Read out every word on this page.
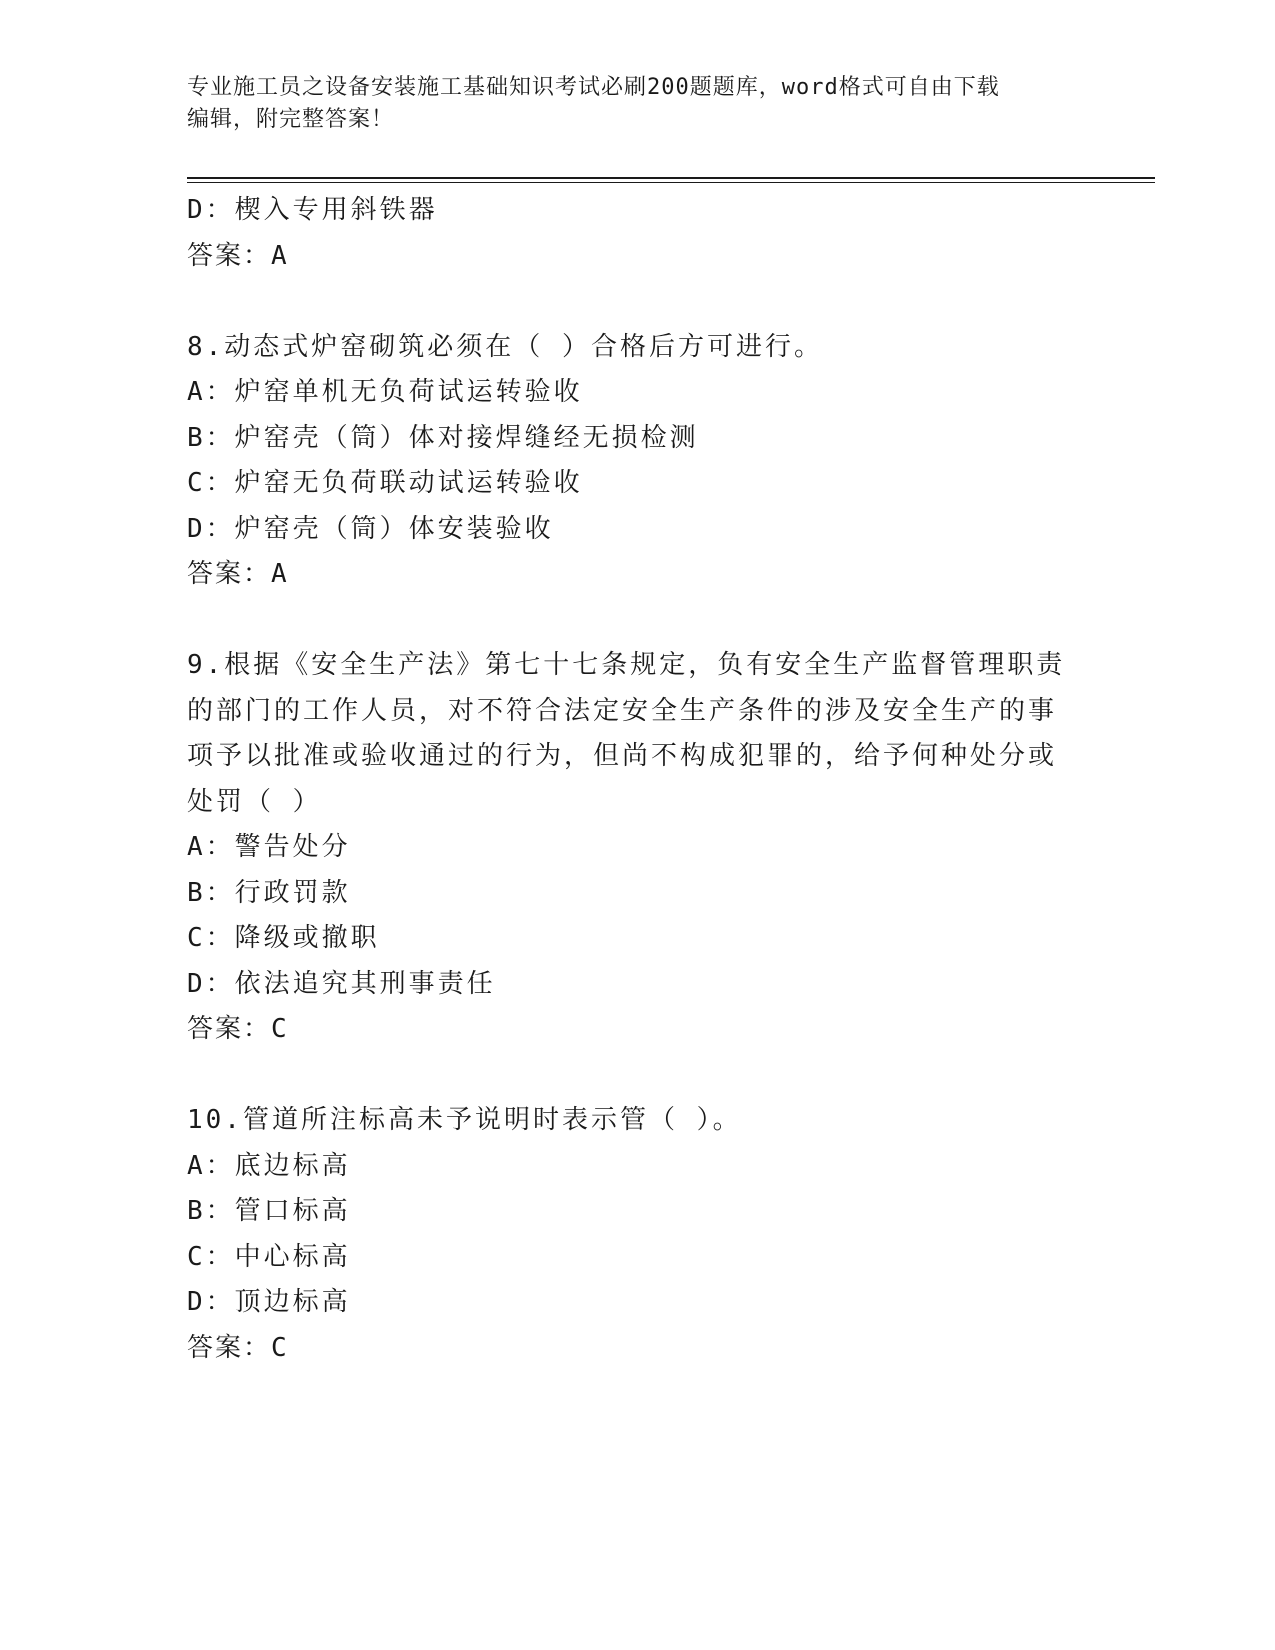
专业施工员之设备安装施工基础知识考试必刷200题题库，word格式可自由下载
编辑，附完整答案！
D：楔入专用斜铁器
答案：A
8.动态式炉窑砌筑必须在（ ）合格后方可进行。
A：炉窑单机无负荷试运转验收
B：炉窑壳（筒）体对接焊缝经无损检测
C：炉窑无负荷联动试运转验收
D：炉窑壳（筒）体安装验收
答案：A
9.根据《安全生产法》第七十七条规定，负有安全生产监督管理职责
的部门的工作人员，对不符合法定安全生产条件的涉及安全生产的事
项予以批准或验收通过的行为，但尚不构成犯罪的，给予何种处分或
处罚（ ）
A：警告处分
B：行政罚款
C：降级或撤职
D：依法追究其刑事责任
答案：C
10.管道所注标高未予说明时表示管（ ）。
A：底边标高
B：管口标高
C：中心标高
D：顶边标高
答案：C
